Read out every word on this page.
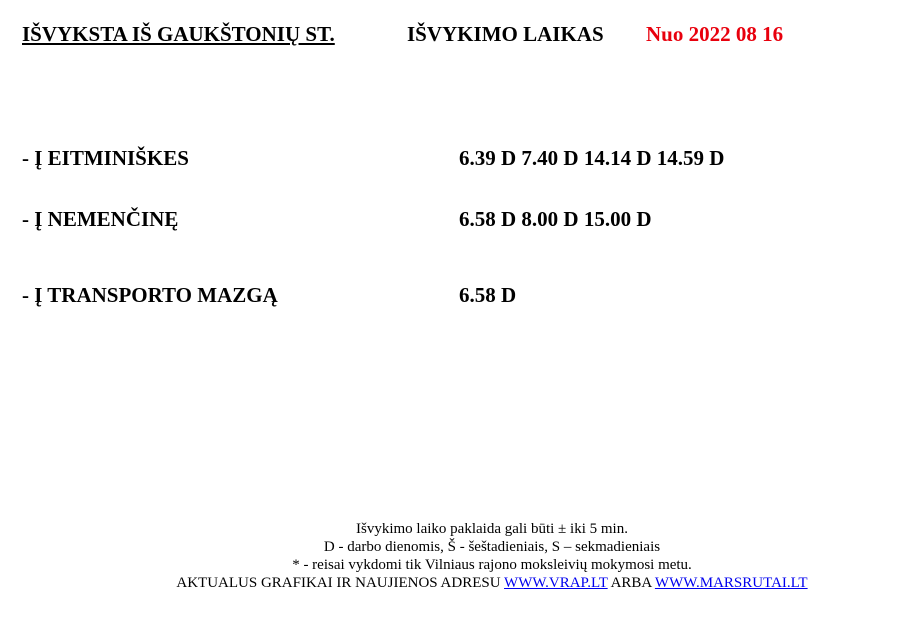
IŠVYKSTA IŠ GAUKŠTONIŲ ST.	IŠVYKIMO LAIKAS Nuo 2022 08 16
- Į EITMINIŠKES	6.39 D 7.40 D 14.14 D 14.59 D
- Į NEMENČINĘ	6.58 D 8.00 D 15.00 D
- Į TRANSPORTO MAZGĄ	6.58 D
Išvykimo laiko paklaida gali būti ± iki 5 min.
D - darbo dienomis, Š - šeštadieniais, S – sekmadieniais
* - reisai vykdomi tik Vilniaus rajono moksleivių mokymosi metu.
AKTUALUS GRAFIKAI IR NAUJIENOS ADRESU WWW.VRAP.LT ARBA WWW.MARSRUTAI.LT
